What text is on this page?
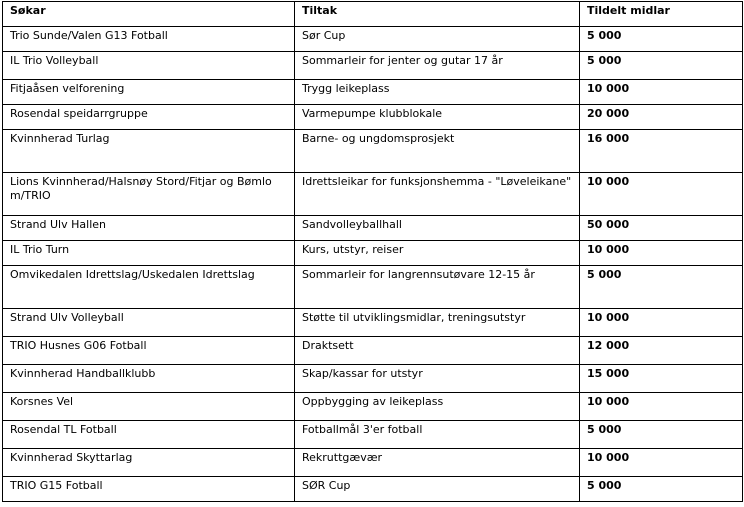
Søkar	Tiltak	Tildelt midlar
Trio Sunde/Valen G13 Fotball	Sør Cup	5 000
IL Trio Volleyball	Sommarleir for jenter og gutar 17 år	5 000
Fitjaåsen velforening	Trygg leikeplass	10 000
Rosendal speidarrgruppe	Varmepumpe klubblokale	20 000
Kvinnherad Turlag	Barne- og ungdomsprosjekt	16 000
Lions Kvinnherad/Halsnøy Stord/Fitjar og Bømlo m/TRIO	Idrettsleikar for funksjonshemma - "Løveleikane"	10 000
Strand Ulv Hallen	Sandvolleyballhall	50 000
IL Trio Turn	Kurs, utstyr, reiser	10 000
Omvikedalen Idrettslag/Uskedalen Idrettslag	Sommarleir for langrennsutøvare 12-15 år	5 000
Strand Ulv Volleyball	Støtte til utviklingsmidlar, treningsutstyr	10 000
TRIO Husnes G06 Fotball	Draktsett	12 000
Kvinnherad Handballklubb	Skap/kassar for utstyr	15 000
Korsnes Vel	Oppbygging av leikeplass	10 000
Rosendal TL Fotball	Fotballmål 3'er fotball	5 000
Kvinnherad Skyttarlag	Rekruttgævær	10 000
TRIO G15 Fotball	SØR Cup	5 000
